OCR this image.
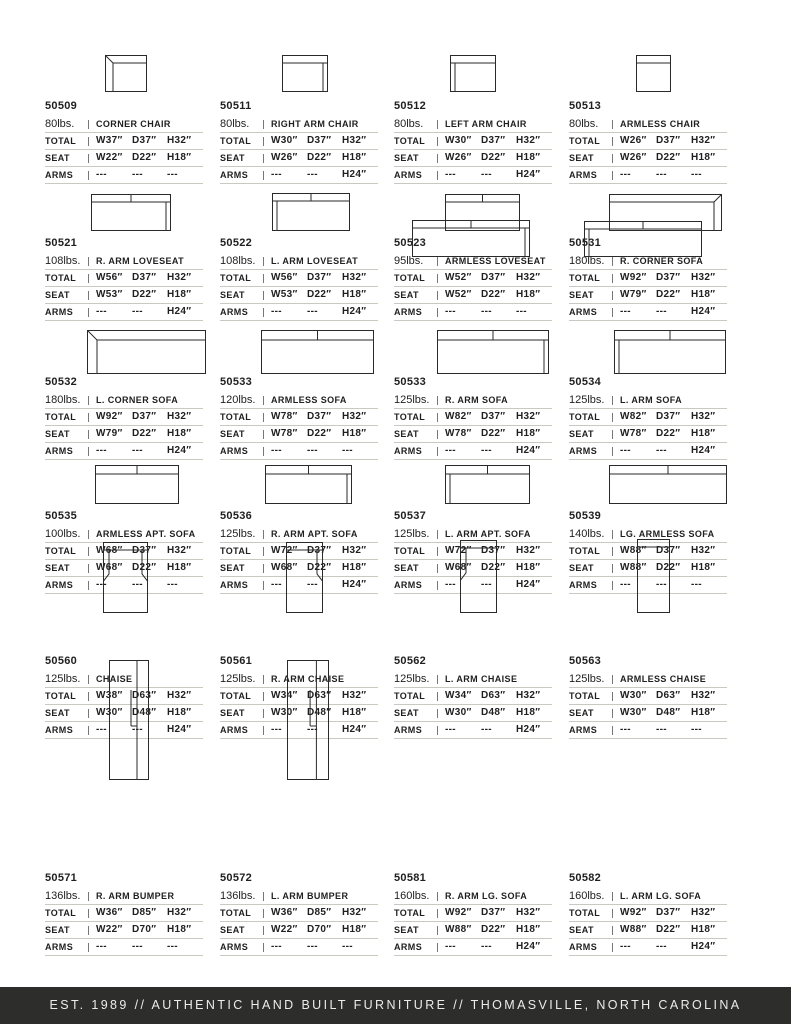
50509
80lbs.	CORNER CHAIR
TOTAL	W37″ D37″ H32″
SEAT	W22″ D22″ H18″
ARMS	---	--- ---
50511
80lbs.	RIGHT ARM CHAIR
TOTAL	W30″ D37″ H32″
SEAT	W26″ D22″ H18″
ARMS	---	--- H24″
50512
80lbs.	LEFT ARM CHAIR
TOTAL	W30″ D37″ H32″
SEAT	W26″ D22″ H18″
ARMS	---	--- H24″
50513
80lbs.	ARMLESS CHAIR
TOTAL	W26″ D37″ H32″
SEAT	W26″ D22″ H18″
ARMS	---	--- ---
50521
108lbs.	R. ARM LOVESEAT
TOTAL	W56″ D37″ H32″
SEAT	W53″ D22″ H18″
ARMS	---	--- H24″
50522
108lbs.	L. ARM LOVESEAT
TOTAL	W56″ D37″ H32″
SEAT	W53″ D22″ H18″
ARMS	---	--- H24″
50523
95lbs.	ARMLESS LOVESEAT
TOTAL	W52″ D37″ H32″
SEAT	W52″ D22″ H18″
ARMS	---	--- ---
50531
180lbs.	R. CORNER SOFA
TOTAL	W92″ D37″ H32″
SEAT	W79″ D22″ H18″
ARMS	---	--- H24″
50532
180lbs.	L. CORNER SOFA
TOTAL	W92″ D37″ H32″
SEAT	W79″ D22″ H18″
ARMS	---	--- H24″
50533
120lbs.	ARMLESS SOFA
TOTAL	W78″ D37″ H32″
SEAT	W78″ D22″ H18″
ARMS	---	--- ---
50533
125lbs.	R. ARM SOFA
TOTAL	W82″ D37″ H32″
SEAT	W78″ D22″ H18″
ARMS	---	--- H24″
50534
125lbs.	L. ARM SOFA
TOTAL	W82″ D37″ H32″
SEAT	W78″ D22″ H18″
ARMS	---	--- H24″
50535
100lbs.	ARMLESS APT. SOFA
TOTAL	W68″ D37″ H32″
SEAT	W68″ D22″ H18″
ARMS	---	--- ---
50536
125lbs.	R. ARM APT. SOFA
TOTAL	W72″ D37″ H32″
SEAT	W68″ D22″ H18″
ARMS	---	--- H24″
50537
125lbs.	L. ARM APT. SOFA
TOTAL	W72″ D37″ H32″
SEAT	W68″ D22″ H18″
ARMS	---	--- H24″
50539
140lbs.	LG. ARMLESS SOFA
TOTAL	W88″ D37″ H32″
SEAT	W88″ D22″ H18″
ARMS	---	--- ---
50560
125lbs.	CHAISE
TOTAL	W38″ D63″ H32″
SEAT	W30″ D48″ H18″
ARMS	---	--- H24″
50561
125lbs.	R. ARM CHAISE
TOTAL	W34″ D63″ H32″
SEAT	W30″ D48″ H18″
ARMS	---	--- H24″
50562
125lbs.	L. ARM CHAISE
TOTAL	W34″ D63″ H32″
SEAT	W30″ D48″ H18″
ARMS	---	--- H24″
50563
125lbs.	ARMLESS CHAISE
TOTAL	W30″ D63″ H32″
SEAT	W30″ D48″ H18″
ARMS	---	--- ---
50571
136lbs.	R. ARM BUMPER
TOTAL	W36″ D85″ H32″
SEAT	W22″ D70″ H18″
ARMS	---	--- ---
50572
136lbs.	L. ARM BUMPER
TOTAL	W36″ D85″ H32″
SEAT	W22″ D70″ H18″
ARMS	---	--- ---
50581
160lbs.	R. ARM LG. SOFA
TOTAL	W92″ D37″ H32″
SEAT	W88″ D22″ H18″
ARMS	---	--- H24″
50582
160lbs.	L. ARM LG. SOFA
TOTAL	W92″ D37″ H32″
SEAT	W88″ D22″ H18″
ARMS	---	--- H24″
EST. 1989 // AUTHENTIC HAND BUILT FURNITURE // THOMASVILLE, NORTH CAROLINA
